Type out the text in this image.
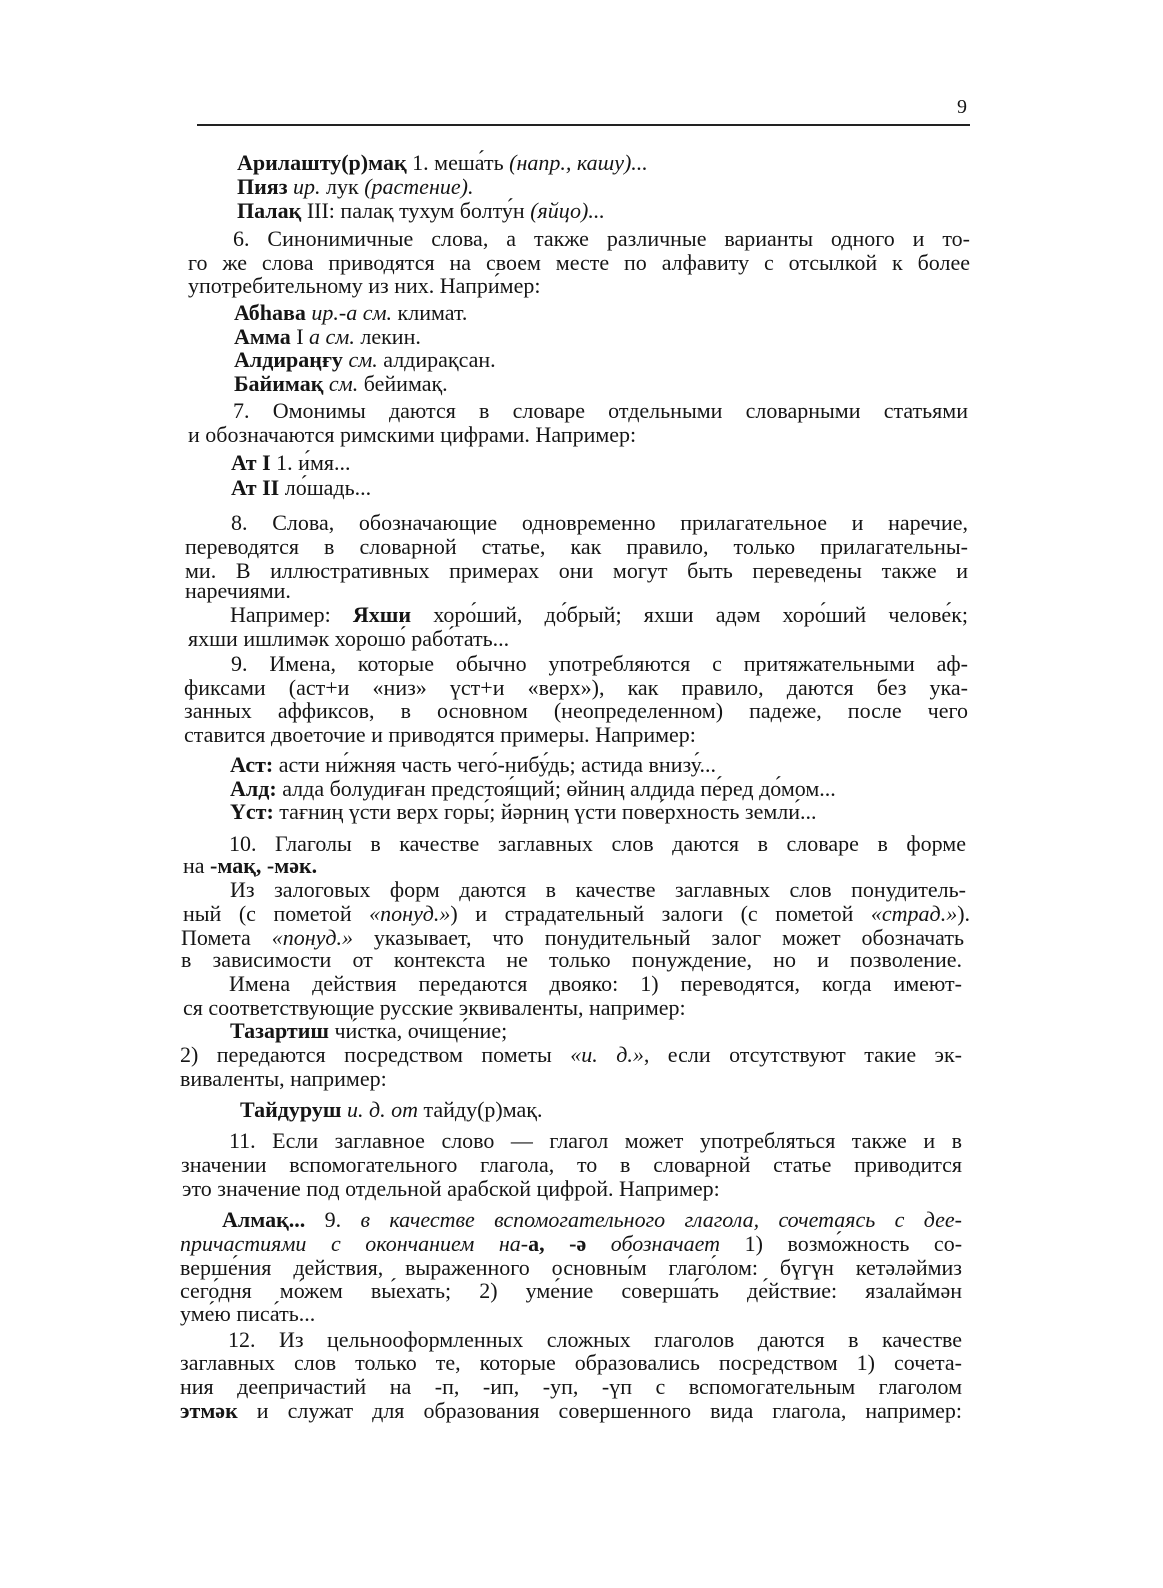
9
Арилашту(р)мақ 1. меша́ть (напр., кашу)...
Пияз ир. лук (растение).
Палақ III: палақ тухум болту́н (яйцо)...
6. Синонимичные слова, а также различные варианты одного и то-
го же слова приводятся на своем месте по алфавиту с отсылкой к более
употребительному из них. Напри́мер:
Абһава ир.-а см. климат.
Амма I а см. лекин.
Алдираңғу см. алдирақсан.
Байимақ см. бейимақ.
7. Омонимы даются в словаре отдельными словарными статьями
и обозначаются римскими цифрами. Например:
Ат I 1. и́мя...
Ат II ло́шадь...
8. Слова, обозначающие одновременно прилагательное и наречие,
переводятся в словарной статье, как правило, только прилагательны-
ми. В иллюстративных примерах они могут быть переведены также и
наречиями.
Например: Яхши хоро́ший, до́брый; яхши адәм хоро́ший челове́к;
яхши ишлимәк хорошо́ рабо́тать...
9. Имена, которые обычно употребляются с притяжательными аф-
фиксами (аст+и «низ» үст+и «верх»), как правило, даются без ука-
занных аффиксов, в основном (неопределенном) падеже, после чего
ставится двоеточие и приводятся примеры. Например:
Аст: асти ни́жняя часть чего́-нибу́дь; астида внизу́...
Алд: алда болудиған предстоя́щий; өйниң алдида пе́ред до́мом...
Үст: тағниң үсти верх горы́; йәрниң үсти пове́рхность земли́...
10. Глаголы в качестве заглавных слов даются в словаре в форме
на -мақ, -мәк.
Из залоговых форм даются в качестве заглавных слов понудитель-
ный (с пометой «понуд.») и страдательный залоги (с пометой «страд.»).
Помета «понуд.» указывает, что понудительный залог может обозначать
в зависимости от контекста не только понуждение, но и позволение.
Имена действия передаются двояко: 1) переводятся, когда имеют-
ся соответствующие русские эквиваленты, например:
Тазартиш чи́стка, очище́ние;
2) передаются посредством пометы «и. д.», если отсутствуют такие эк-
виваленты, например:
Тайдуруш и. д. от тайду(р)мақ.
11. Если заглавное слово — глагол может употребляться также и в
значении вспомогательного глагола, то в словарной статье приводится
это значение под отдельной арабской цифрой. Например:
Алмақ... 9. в качестве вспомогательного глагола, сочетаясь с дее-
причастиями с окончанием на-а, -ә обозначает 1) возмо́жность со-
верше́ния действия, выраженного основны́м глаго́лом: бүгүн кетәләймиз
сего́дня мо́жем вы́ехать; 2) уме́ние соверша́ть де́йствие: язалаймән
уме́ю писа́ть...
12. Из цельнооформленных сложных глаголов даются в качестве
заглавных слов только те, которые образовались посредством 1) сочета-
ния деепричастий на -п, -ип, -уп, -үп с вспомогательным глаголом
этмәк и служат для образования совершенного вида глагола, например:
